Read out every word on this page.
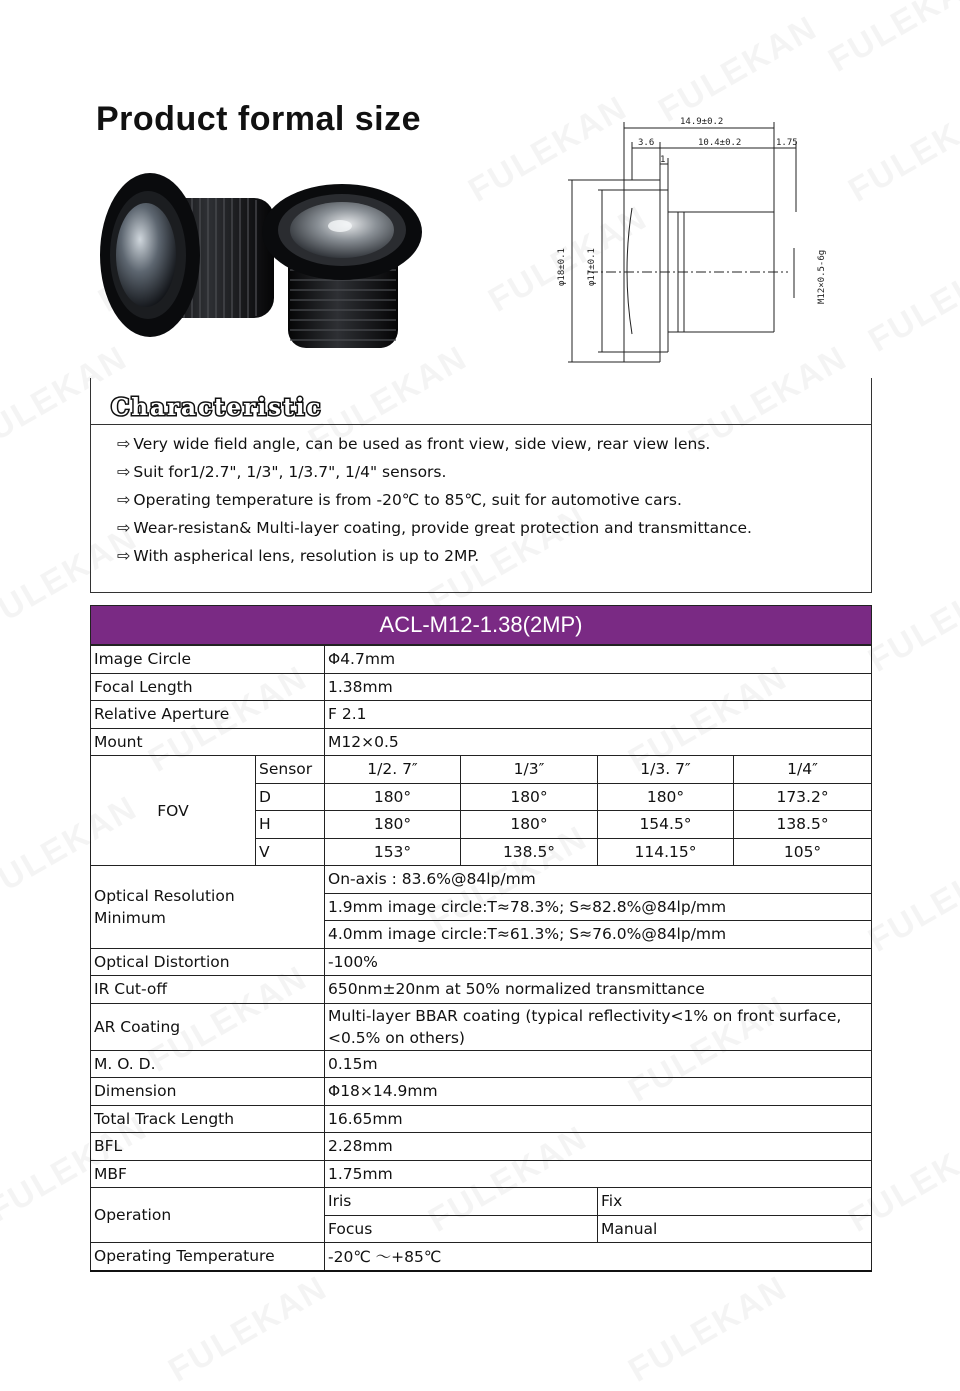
Product formal size	14.9±0.2
3.6	10.4±0.2	1.75
1
φ18±0.1 φ17±0.1	M12×0.5-6g
Characteristic
⇨ Very wide field angle, can be used as front view, side view, rear view lens.
⇨ Suit for1/2.7", 1/3", 1/3.7", 1/4" sensors.
⇨ Operating temperature is from -20℃ to 85℃, suit for automotive cars.
⇨ Wear-resistan& Multi-layer coating, provide great protection and transmittance.
⇨ With aspherical lens, resolution is up to 2MP.
ACL-M12-1.38(2MP)					
Image Circle		Φ4.7mm			
Focal Length		1.38mm			
Relative Aperture		F 2.1			
Mount		M12×0.5			
FOV	Sensor	1/2. 7″	1/3″	1/3. 7″	1/4″
	D	180°	180°	180°	173.2°
	H	180°	180°	154.5°	138.5°
	V	153°	138.5°	114.15°	105°
Optical Resolution
Minimum		On-axis : 83.6%@84lp/mm			
		1.9mm image circle:T≈78.3%; S≈82.8%@84lp/mm			
		4.0mm image circle:T≈61.3%; S≈76.0%@84lp/mm			
Optical Distortion		-100%			
IR Cut-off		650nm±20nm at 50% normalized transmittance			
AR Coating		Multi-layer BBAR coating (typical reflectivity<1% on front surface, <0.5% on others)			
M. O. D.		0.15m			
Dimension		Φ18×14.9mm			
Total Track Length		16.65mm			
BFL		2.28mm			
MBF		1.75mm			
Operation		Iris		Fix	
		Focus		Manual	
Operating Temperature		-20℃ ～+85℃			
